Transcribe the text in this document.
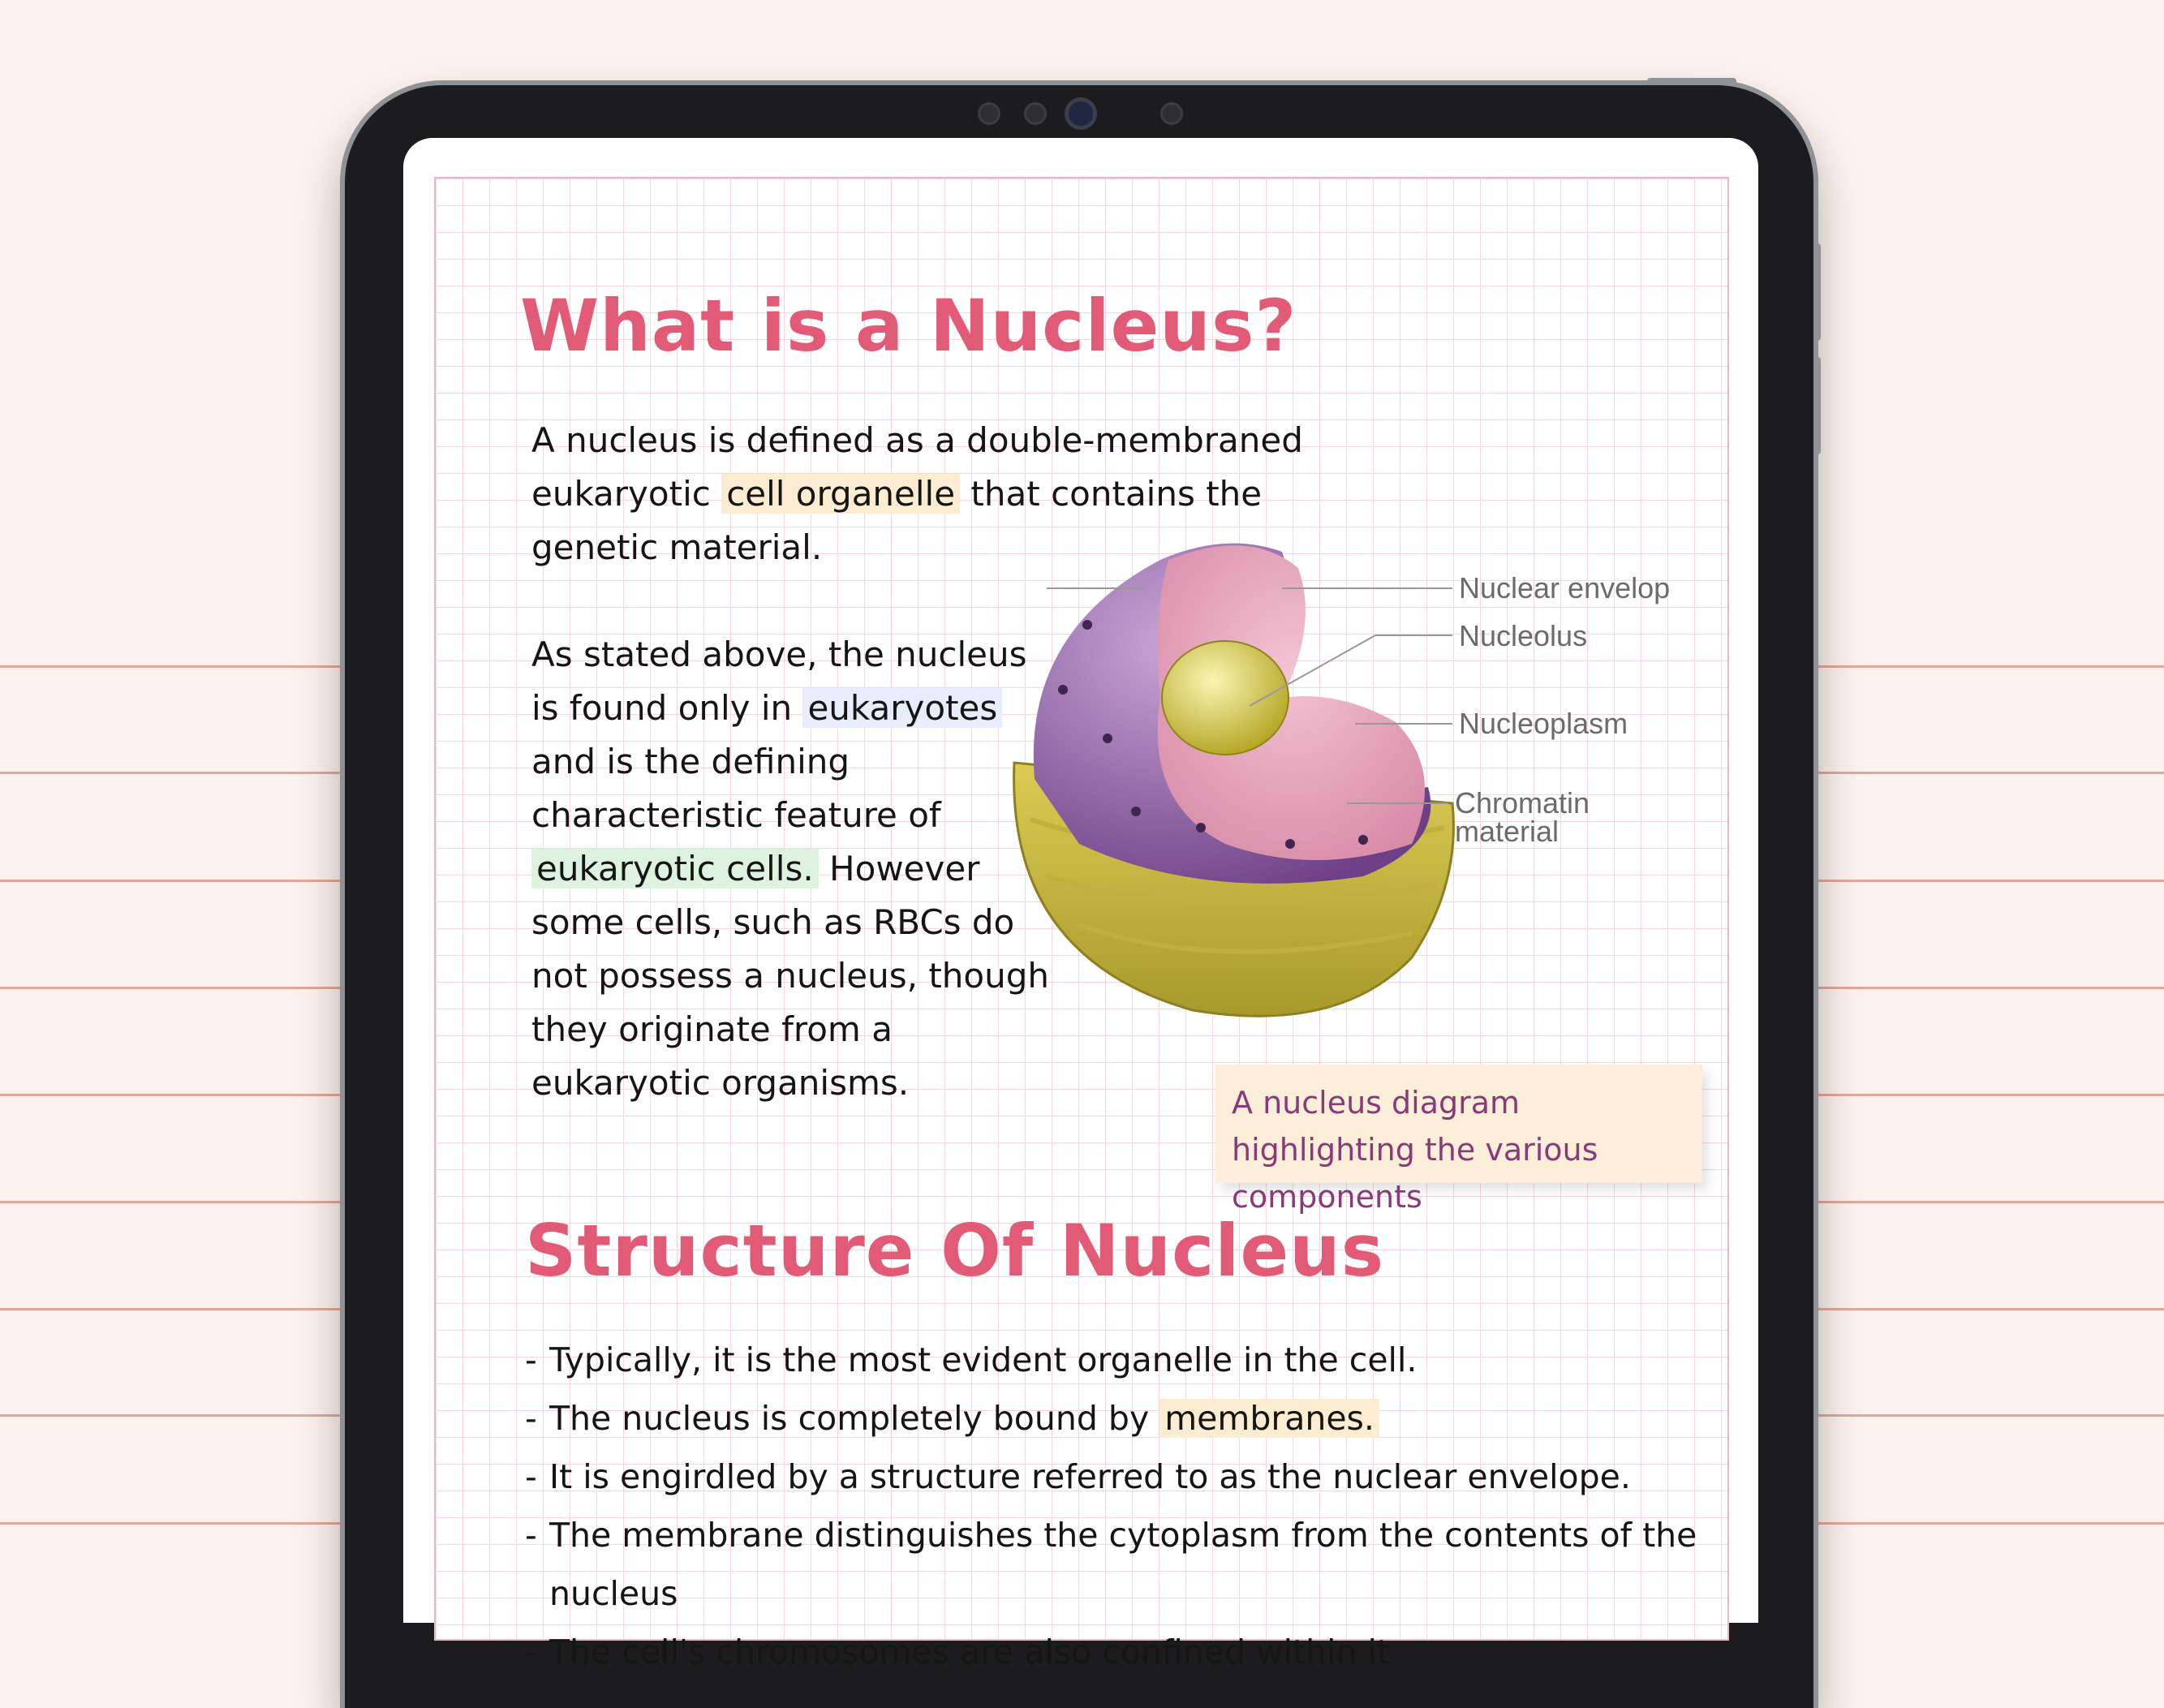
What is a Nucleus?

A nucleus is defined as a double-membraned eukaryotic cell organelle that contains the genetic material.

As stated above, the nucleus is found only in eukaryotes and is the defining characteristic feature of eukaryotic cells. However some cells, such as RBCs do not possess a nucleus, though they originate from a eukaryotic organisms.

Structure Of Nucleus
- Typically, it is the most evident organelle in the cell.
- The nucleus is completely bound by membranes.
- It is engirdled by a structure referred to as the nuclear envelope.
- The membrane distinguishes the cytoplasm from the contents of the nucleus
- The cell's chromosomes are also confined within it
Nuclear envelop
Nucleolus
Nucleoplasm
Chromatin
material
A nucleus diagram highlighting the various components
